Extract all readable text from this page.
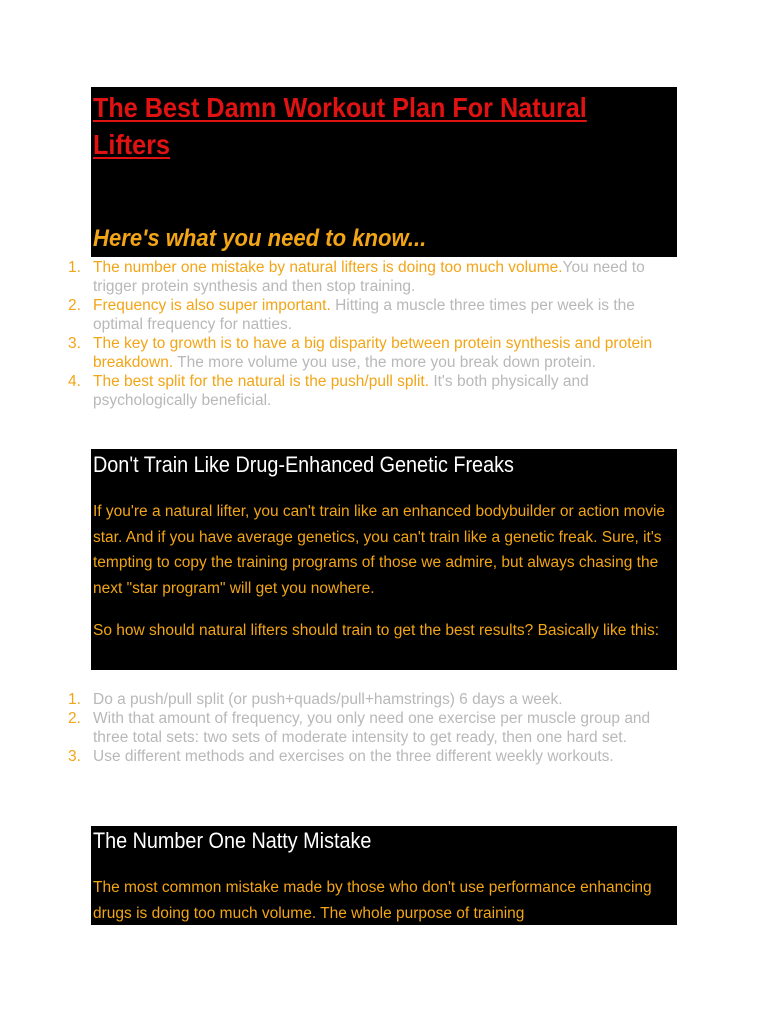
The Best Damn Workout Plan For Natural Lifters
Here's what you need to know...
1. The number one mistake by natural lifters is doing too much volume.You need to trigger protein synthesis and then stop training.
2. Frequency is also super important. Hitting a muscle three times per week is the optimal frequency for natties.
3. The key to growth is to have a big disparity between protein synthesis and protein breakdown. The more volume you use, the more you break down protein.
4. The best split for the natural is the push/pull split. It's both physically and psychologically beneficial.
Don't Train Like Drug-Enhanced Genetic Freaks

If you're a natural lifter, you can't train like an enhanced bodybuilder or action movie star. And if you have average genetics, you can't train like a genetic freak. Sure, it's tempting to copy the training programs of those we admire, but always chasing the next "star program" will get you nowhere.

So how should natural lifters should train to get the best results? Basically like this:

1. Do a push/pull split (or push+quads/pull+hamstrings) 6 days a week.
2. With that amount of frequency, you only need one exercise per muscle group and three total sets: two sets of moderate intensity to get ready, then one hard set.
3. Use different methods and exercises on the three different weekly workouts.
The Number One Natty Mistake

The most common mistake made by those who don't use performance enhancing drugs is doing too much volume. The whole purpose of training
